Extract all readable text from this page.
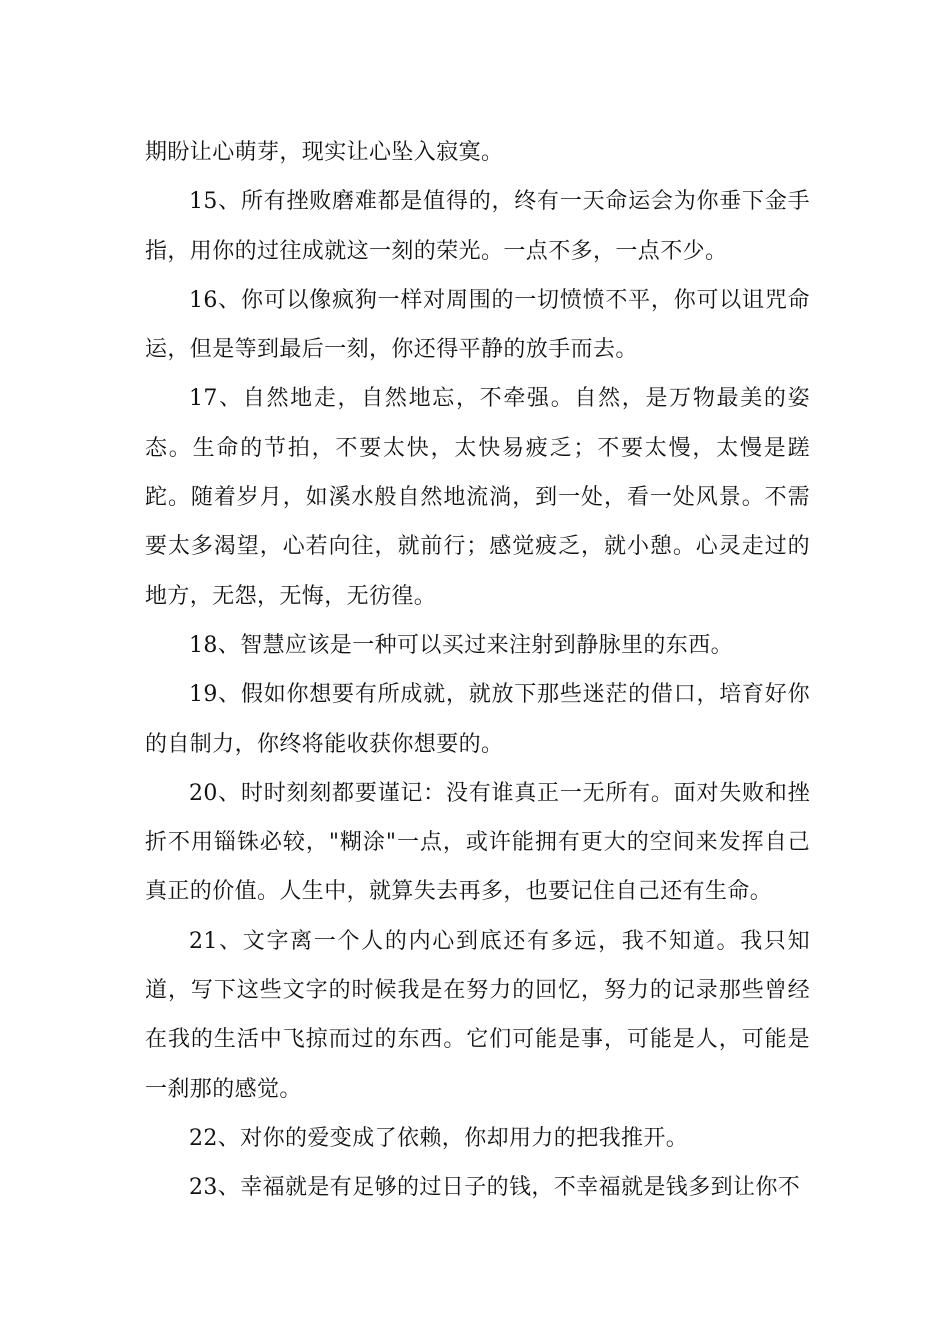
期盼让心萌芽，现实让心坠入寂寞。

15、所有挫败磨难都是值得的，终有一天命运会为你垂下金手指，用你的过往成就这一刻的荣光。一点不多，一点不少。

16、你可以像疯狗一样对周围的一切愤愤不平，你可以诅咒命运，但是等到最后一刻，你还得平静的放手而去。

17、自然地走，自然地忘，不牵强。自然，是万物最美的姿态。生命的节拍，不要太快，太快易疲乏；不要太慢，太慢是蹉跎。随着岁月，如溪水般自然地流淌，到一处，看一处风景。不需要太多渴望，心若向往，就前行；感觉疲乏，就小憩。心灵走过的地方，无怨，无悔，无彷徨。

18、智慧应该是一种可以买过来注射到静脉里的东西。

19、假如你想要有所成就，就放下那些迷茫的借口，培育好你的自制力，你终将能收获你想要的。

20、时时刻刻都要谨记：没有谁真正一无所有。面对失败和挫折不用锱铢必较，"糊涂"一点，或许能拥有更大的空间来发挥自己真正的价值。人生中，就算失去再多，也要记住自己还有生命。

21、文字离一个人的内心到底还有多远，我不知道。我只知道，写下这些文字的时候我是在努力的回忆，努力的记录那些曾经在我的生活中飞掠而过的东西。它们可能是事，可能是人，可能是一刹那的感觉。

22、对你的爱变成了依赖，你却用力的把我推开。

23、幸福就是有足够的过日子的钱，不幸福就是钱多到让你不
